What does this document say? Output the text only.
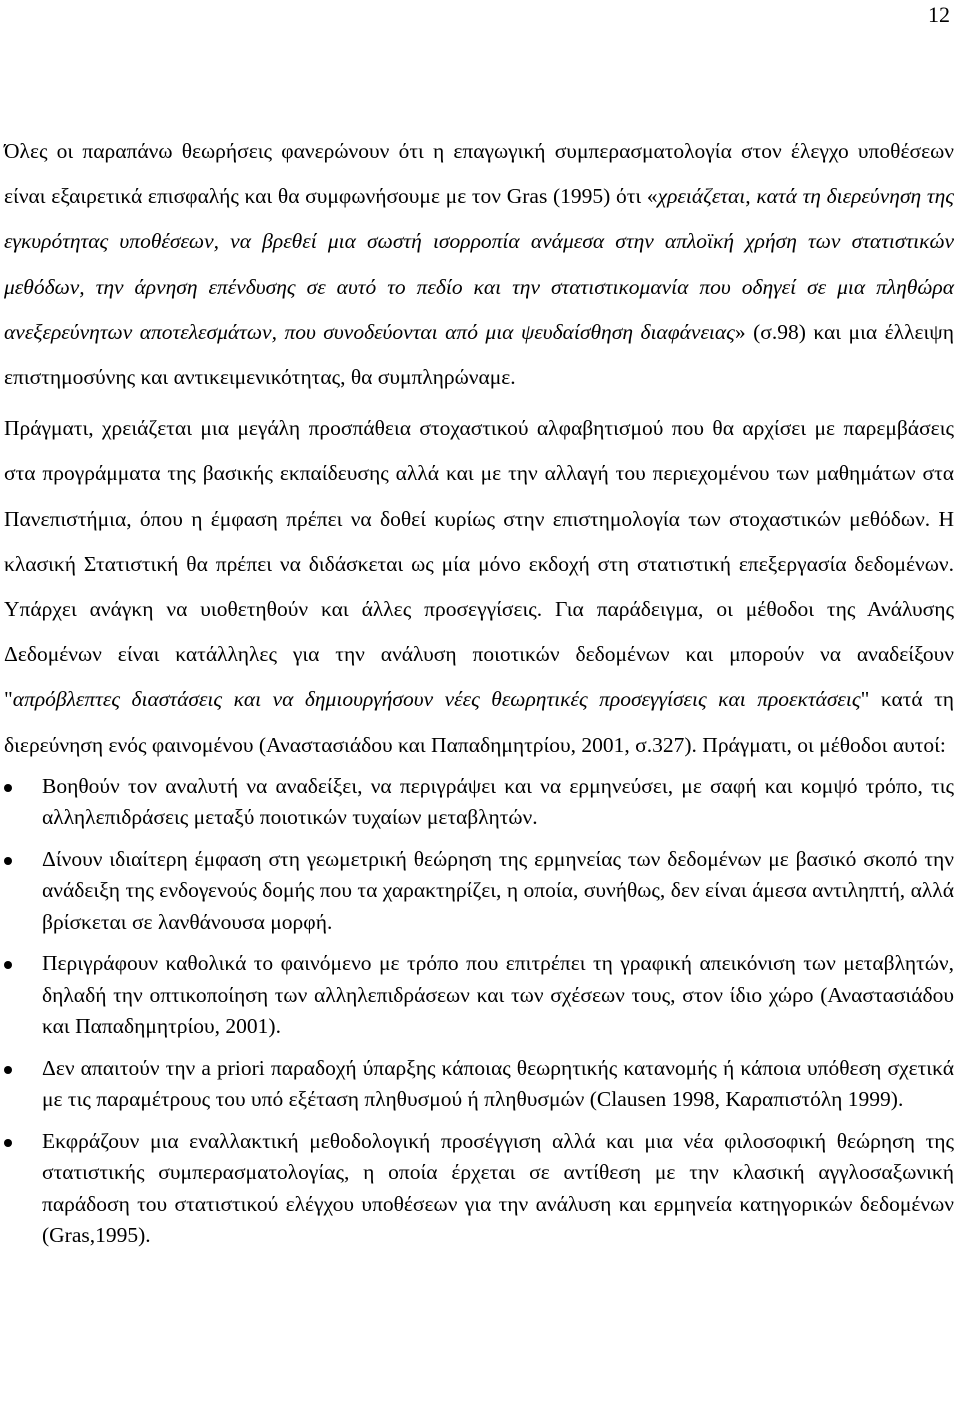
12

Όλες οι παραπάνω θεωρήσεις φανερώνουν ότι η επαγωγική συμπερασματολογία στον έλεγχο υποθέσεων είναι εξαιρετικά επισφαλής και θα συμφωνήσουμε με τον Gras (1995) ότι «χρειάζεται, κατά τη διερεύνηση της εγκυρότητας υποθέσεων, να βρεθεί μια σωστή ισορροπία ανάμεσα στην απλοϊκή χρήση των στατιστικών μεθόδων, την άρνηση επένδυσης σε αυτό το πεδίο και την στατιστικομανία που οδηγεί σε μια πληθώρα ανεξερεύνητων αποτελεσμάτων, που συνοδεύονται από μια ψευδαίσθηση διαφάνειας» (σ.98) και μια έλλειψη επιστημοσύνης και αντικειμενικότητας, θα συμπληρώναμε.

Πράγματι, χρειάζεται μια μεγάλη προσπάθεια στοχαστικού αλφαβητισμού που θα αρχίσει με παρεμβάσεις στα προγράμματα της βασικής εκπαίδευσης αλλά και με την αλλαγή του περιεχομένου των μαθημάτων στα Πανεπιστήμια, όπου η έμφαση πρέπει να δοθεί κυρίως στην επιστημολογία των στοχαστικών μεθόδων. Η κλασική Στατιστική θα πρέπει να διδάσκεται ως μία μόνο εκδοχή στη στατιστική επεξεργασία δεδομένων. Υπάρχει ανάγκη να υιοθετηθούν και άλλες προσεγγίσεις. Για παράδειγμα, οι μέθοδοι της Ανάλυσης Δεδομένων είναι κατάλληλες για την ανάλυση ποιοτικών δεδομένων και μπορούν να αναδείξουν "απρόβλεπτες διαστάσεις και να δημιουργήσουν νέες θεωρητικές προσεγγίσεις και προεκτάσεις" κατά τη διερεύνηση ενός φαινομένου (Αναστασιάδου και Παπαδημητρίου, 2001, σ.327). Πράγματι, οι μέθοδοι αυτοί:

Βοηθούν τον αναλυτή να αναδείξει, να περιγράψει και να ερμηνεύσει, με σαφή και κομψό τρόπο, τις αλληλεπιδράσεις μεταξύ ποιοτικών τυχαίων μεταβλητών.
Δίνουν ιδιαίτερη έμφαση στη γεωμετρική θεώρηση της ερμηνείας των δεδομένων με βασικό σκοπό την ανάδειξη της ενδογενούς δομής που τα χαρακτηρίζει, η οποία, συνήθως, δεν είναι άμεσα αντιληπτή, αλλά βρίσκεται σε λανθάνουσα μορφή.
Περιγράφουν καθολικά το φαινόμενο με τρόπο που επιτρέπει τη γραφική απεικόνιση των μεταβλητών, δηλαδή την οπτικοποίηση των αλληλεπιδράσεων και των σχέσεων τους, στον ίδιο χώρο (Αναστασιάδου και Παπαδημητρίου, 2001).
Δεν απαιτούν την a priori παραδοχή ύπαρξης κάποιας θεωρητικής κατανομής ή κάποια υπόθεση σχετικά με τις παραμέτρους του υπό εξέταση πληθυσμού ή πληθυσμών (Clausen 1998, Καραπιστόλη 1999).
Εκφράζουν μια εναλλακτική μεθοδολογική προσέγγιση αλλά και μια νέα φιλοσοφική θεώρηση της στατιστικής συμπερασματολογίας, η οποία έρχεται σε αντίθεση με την κλασική αγγλοσαξωνική παράδοση του στατιστικού ελέγχου υποθέσεων για την ανάλυση και ερμηνεία κατηγορικών δεδομένων (Gras,1995).
